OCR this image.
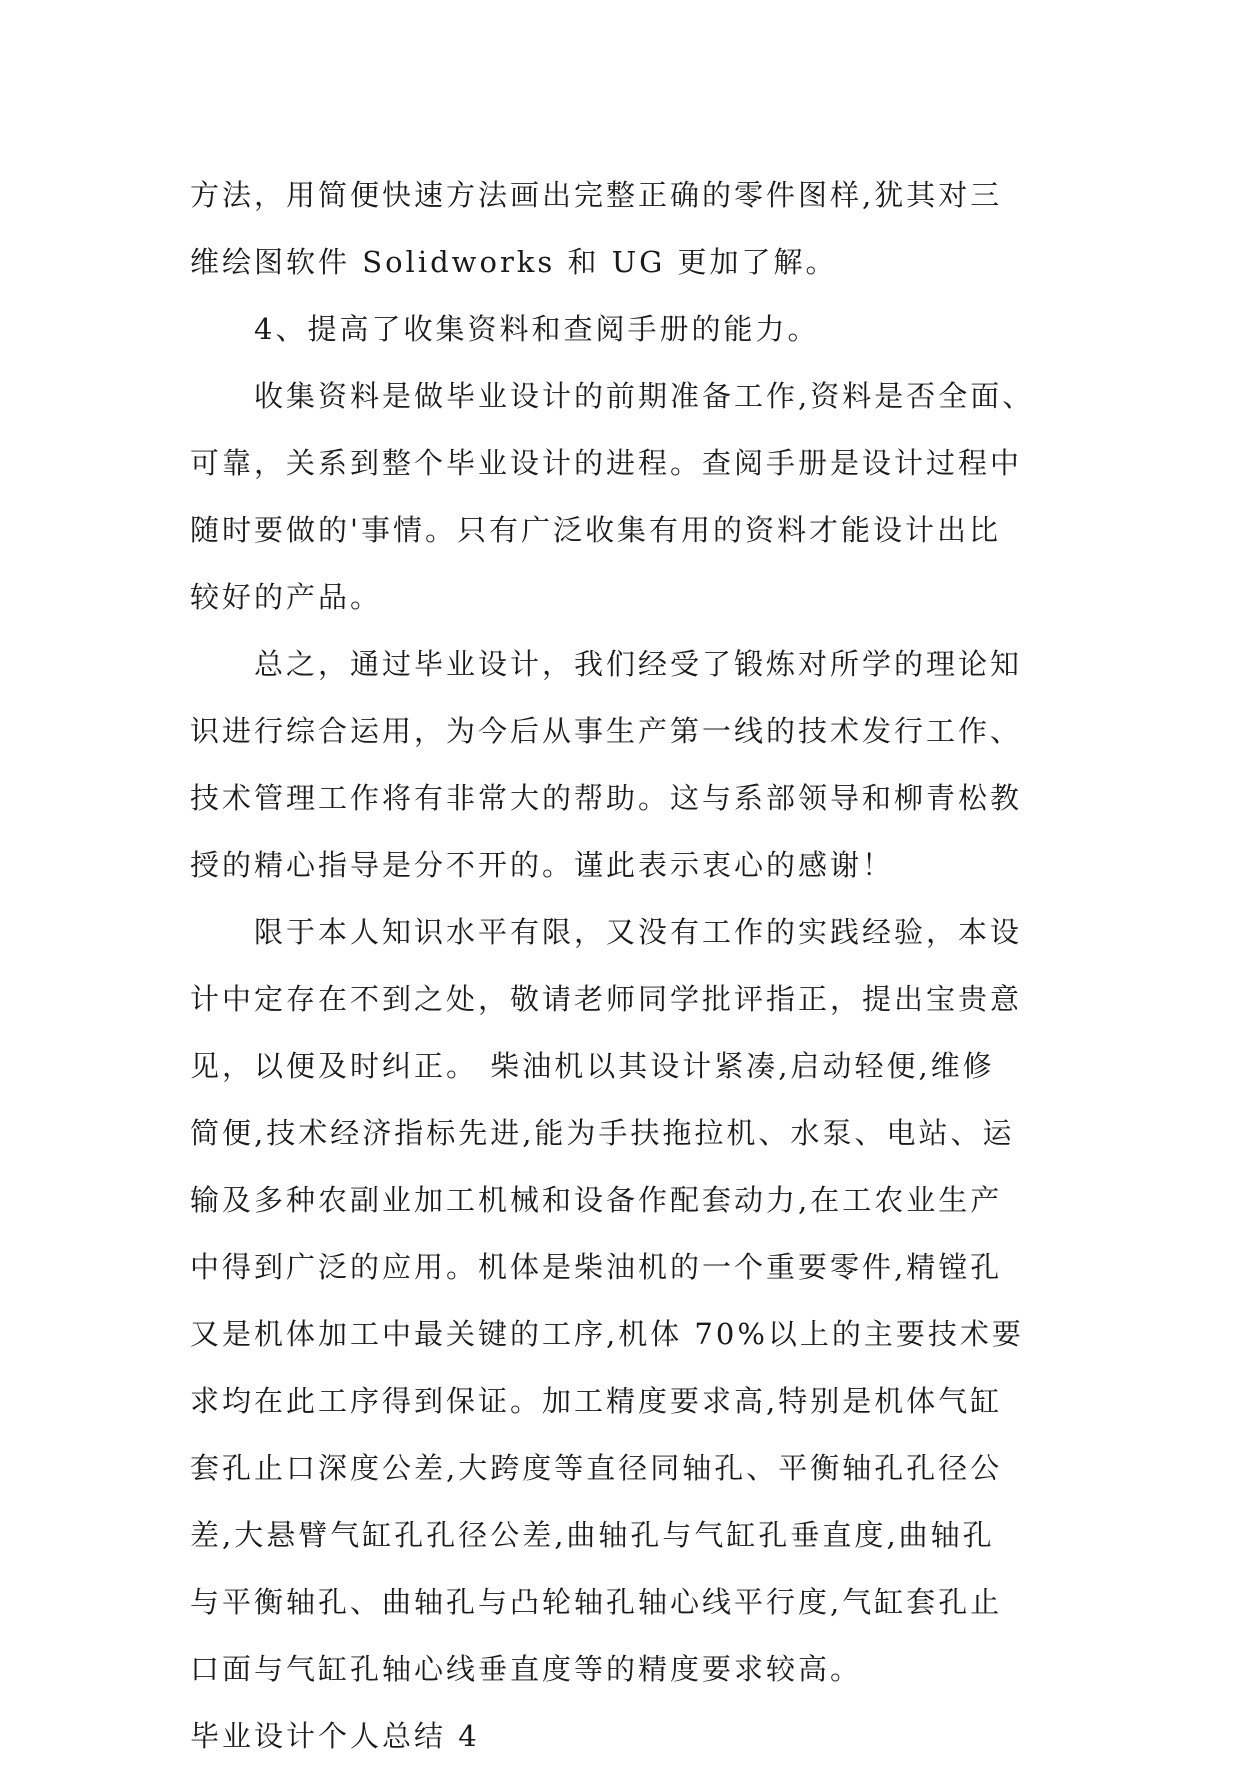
方法，用简便快速方法画出完整正确的零件图样,犹其对三
维绘图软件 Solidworks 和 UG 更加了解。
4、提高了收集资料和查阅手册的能力。
收集资料是做毕业设计的前期准备工作,资料是否全面、
可靠，关系到整个毕业设计的进程。查阅手册是设计过程中
随时要做的'事情。只有广泛收集有用的资料才能设计出比
较好的产品。
总之，通过毕业设计，我们经受了锻炼对所学的理论知
识进行综合运用，为今后从事生产第一线的技术发行工作、
技术管理工作将有非常大的帮助。这与系部领导和柳青松教
授的精心指导是分不开的。谨此表示衷心的感谢！
限于本人知识水平有限，又没有工作的实践经验，本设
计中定存在不到之处，敬请老师同学批评指正，提出宝贵意
见，以便及时纠正。 柴油机以其设计紧凑,启动轻便,维修
简便,技术经济指标先进,能为手扶拖拉机、水泵、电站、运
输及多种农副业加工机械和设备作配套动力,在工农业生产
中得到广泛的应用。机体是柴油机的一个重要零件,精镗孔
又是机体加工中最关键的工序,机体 70%以上的主要技术要
求均在此工序得到保证。加工精度要求高,特别是机体气缸
套孔止口深度公差,大跨度等直径同轴孔、平衡轴孔孔径公
差,大悬臂气缸孔孔径公差,曲轴孔与气缸孔垂直度,曲轴孔
与平衡轴孔、曲轴孔与凸轮轴孔轴心线平行度,气缸套孔止
口面与气缸孔轴心线垂直度等的精度要求较高。
毕业设计个人总结 4
